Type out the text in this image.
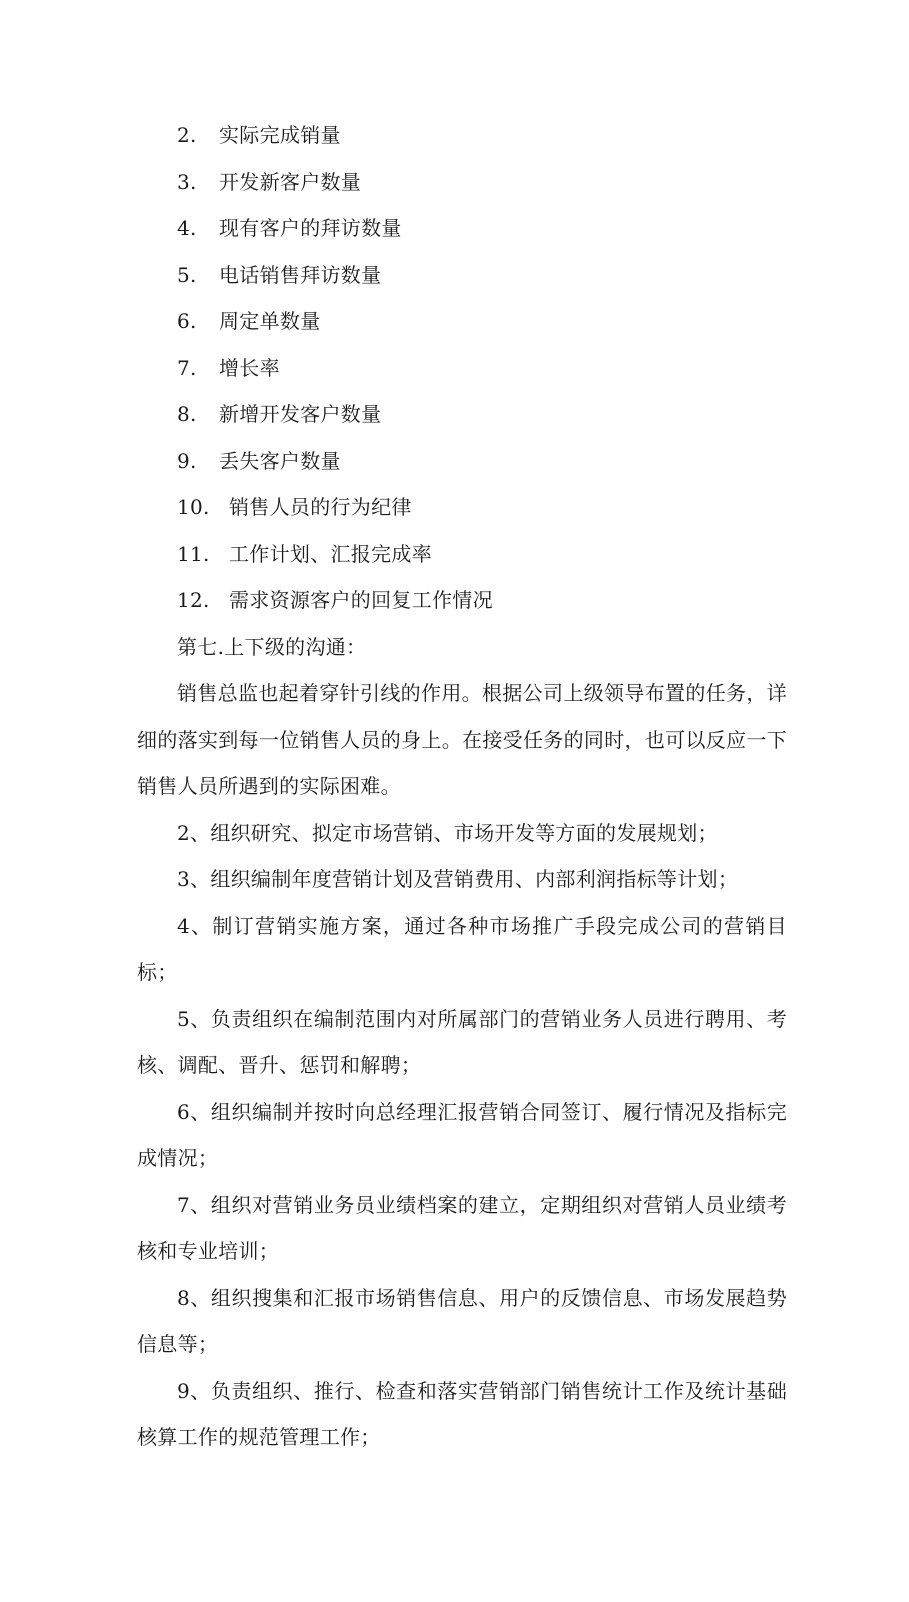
2. 实际完成销量

3. 开发新客户数量

4. 现有客户的拜访数量

5. 电话销售拜访数量

6. 周定单数量

7. 增长率

8. 新增开发客户数量

9. 丢失客户数量

10. 销售人员的行为纪律

11. 工作计划、汇报完成率

12. 需求资源客户的回复工作情况

第七.上下级的沟通：

销售总监也起着穿针引线的作用。根据公司上级领导布置的任务，详细的落实到每一位销售人员的身上。在接受任务的同时，也可以反应一下销售人员所遇到的实际困难。

2、组织研究、拟定市场营销、市场开发等方面的发展规划；

3、组织编制年度营销计划及营销费用、内部利润指标等计划；

4、制订营销实施方案，通过各种市场推广手段完成公司的营销目标；

5、负责组织在编制范围内对所属部门的营销业务人员进行聘用、考核、调配、晋升、惩罚和解聘；

6、组织编制并按时向总经理汇报营销合同签订、履行情况及指标完成情况；

7、组织对营销业务员业绩档案的建立，定期组织对营销人员业绩考核和专业培训；

8、组织搜集和汇报市场销售信息、用户的反馈信息、市场发展趋势信息等；

9、负责组织、推行、检查和落实营销部门销售统计工作及统计基础核算工作的规范管理工作；
